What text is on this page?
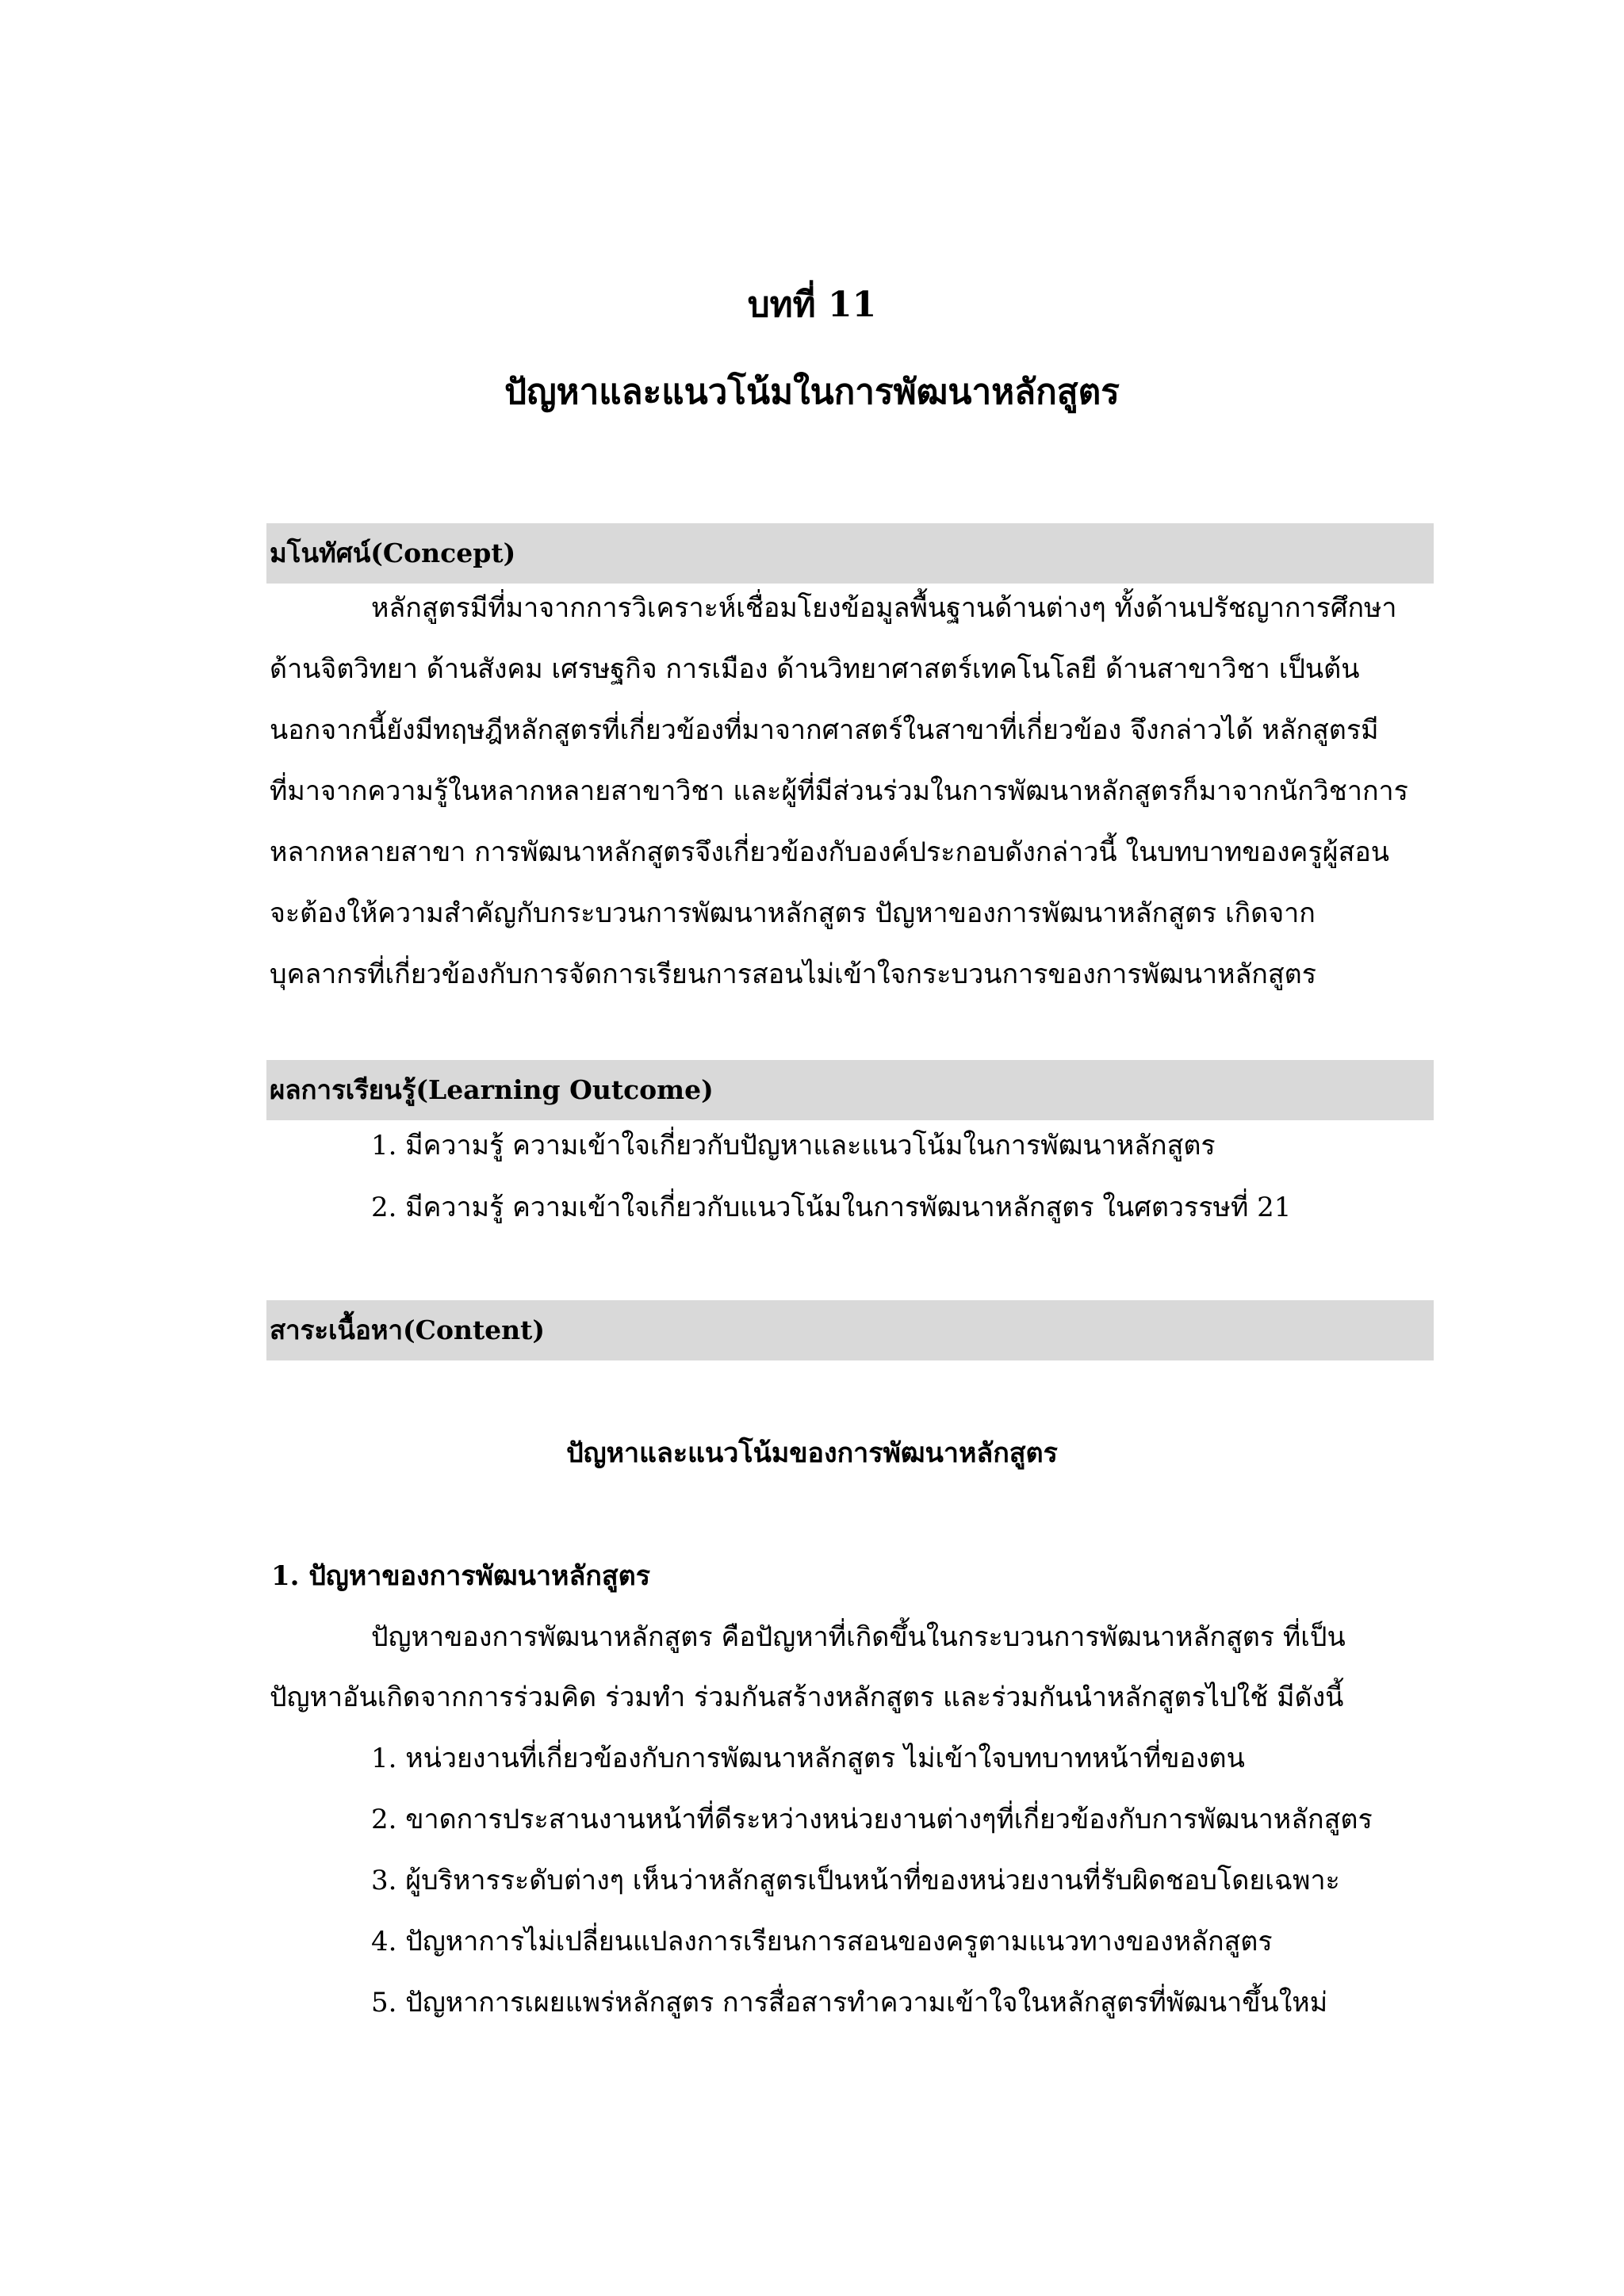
บทที่ 11
ปัญหาและแนวโน้มในการพัฒนาหลักสูตร
มโนทัศน์(Concept)
หลักสูตรมีที่มาจากการวิเคราะห์เชื่อมโยงข้อมูลพื้นฐานด้านต่างๆ ทั้งด้านปรัชญาการศึกษา
ด้านจิตวิทยา ด้านสังคม เศรษฐกิจ การเมือง ด้านวิทยาศาสตร์เทคโนโลยี ด้านสาขาวิชา เป็นต้น
นอกจากนี้ยังมีทฤษฎีหลักสูตรที่เกี่ยวข้องที่มาจากศาสตร์ในสาขาที่เกี่ยวข้อง จึงกล่าวได้ หลักสูตรมี
ที่มาจากความรู้ในหลากหลายสาขาวิชา และผู้ที่มีส่วนร่วมในการพัฒนาหลักสูตรก็มาจากนักวิชาการ
หลากหลายสาขา การพัฒนาหลักสูตรจึงเกี่ยวข้องกับองค์ประกอบดังกล่าวนี้ ในบทบาทของครูผู้สอน
จะต้องให้ความสำคัญกับกระบวนการพัฒนาหลักสูตร ปัญหาของการพัฒนาหลักสูตร เกิดจาก
บุคลากรที่เกี่ยวข้องกับการจัดการเรียนการสอนไม่เข้าใจกระบวนการของการพัฒนาหลักสูตร
ผลการเรียนรู้(Learning Outcome)
1. มีความรู้ ความเข้าใจเกี่ยวกับปัญหาและแนวโน้มในการพัฒนาหลักสูตร
2. มีความรู้ ความเข้าใจเกี่ยวกับแนวโน้มในการพัฒนาหลักสูตร ในศตวรรษที่ 21
สาระเนื้อหา(Content)
ปัญหาและแนวโน้มของการพัฒนาหลักสูตร
1. ปัญหาของการพัฒนาหลักสูตร
ปัญหาของการพัฒนาหลักสูตร คือปัญหาที่เกิดขึ้นในกระบวนการพัฒนาหลักสูตร ที่เป็น
ปัญหาอันเกิดจากการร่วมคิด ร่วมทำ ร่วมกันสร้างหลักสูตร และร่วมกันนำหลักสูตรไปใช้ มีดังนี้
1. หน่วยงานที่เกี่ยวข้องกับการพัฒนาหลักสูตร ไม่เข้าใจบทบาทหน้าที่ของตน
2. ขาดการประสานงานหน้าที่ดีระหว่างหน่วยงานต่างๆที่เกี่ยวข้องกับการพัฒนาหลักสูตร
3. ผู้บริหารระดับต่างๆ เห็นว่าหลักสูตรเป็นหน้าที่ของหน่วยงานที่รับผิดชอบโดยเฉพาะ
4. ปัญหาการไม่เปลี่ยนแปลงการเรียนการสอนของครูตามแนวทางของหลักสูตร
5. ปัญหาการเผยแพร่หลักสูตร การสื่อสารทำความเข้าใจในหลักสูตรที่พัฒนาขึ้นใหม่
